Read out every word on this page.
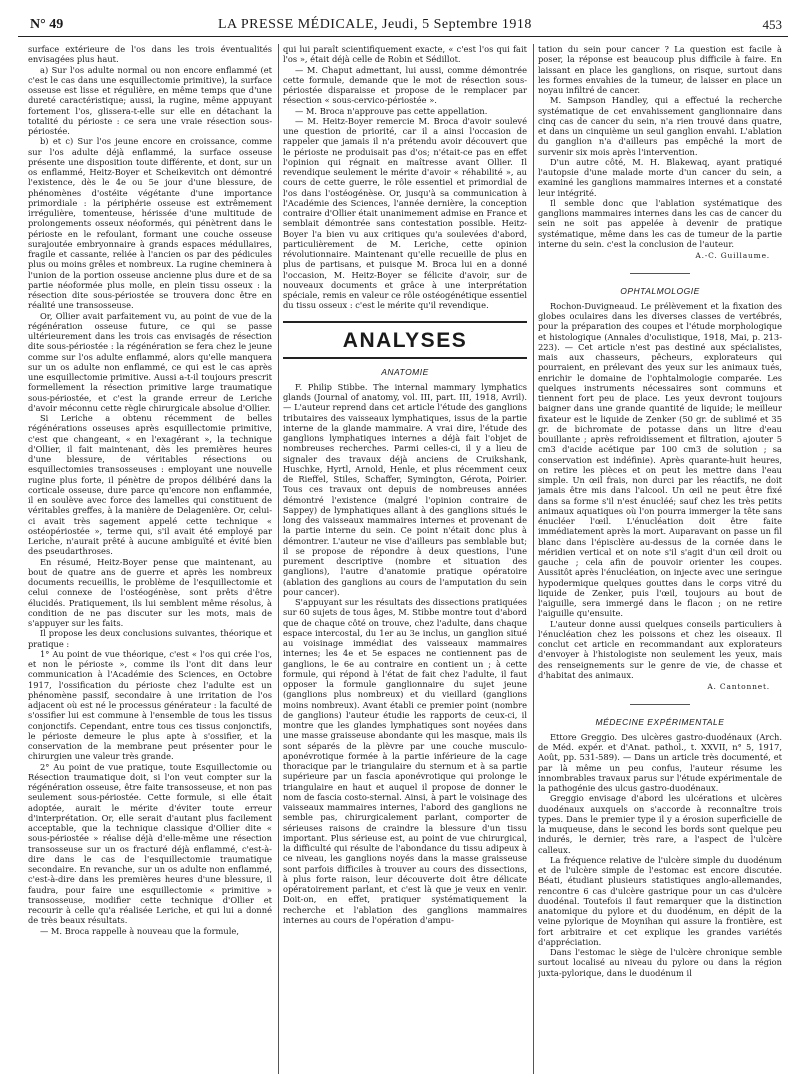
N° 49	LA PRESSE MÉDICALE, Jeudi, 5 Septembre 1918	453

surface extérieure de l'os dans les trois éventualités envisagées plus haut.

a) Sur l'os adulte normal ou non encore enflammé (et c'est le cas dans une esquillectomie primitive), la surface osseuse est lisse et régulière, en même temps que d'une dureté caractéristique; aussi, la rugine, même appuyant fortement l'os, glissera-t-elle sur elle en détachant la totalité du périoste : ce sera une vraie résection sous-périostée.

b) et c) Sur l'os jeune encore en croissance, comme sur l'os adulte déjà enflammé, la surface osseuse présente une disposition toute différente, et dont, sur un os enflammé, Heitz-Boyer et Scheikevitch ont démontré l'existence, dès le 4e ou 5e jour d'une blessure, de phénomènes d'ostéite végétante d'une importance primordiale : la périphérie osseuse est extrêmement irrégulière, tomenteuse, hérissée d'une multitude de prolongements osseux néoformés, qui pénètrent dans le périoste en le refoulant, formant une couche osseuse surajoutée embryonnaire à grands espaces médullaires, fragile et cassante, reliée à l'ancien os par des pédicules plus ou moins grêles et nombreux. La rugine cheminera à l'union de la portion osseuse ancienne plus dure et de sa partie néoformée plus molle, en plein tissu osseux : la résection dite sous-périostée se trouvera donc être en réalité une transosseuse.

Or, Ollier avait parfaitement vu, au point de vue de la régénération osseuse future, ce qui se passe ultérieurement dans les trois cas envisagés de résection dite sous-périostée : la régénération se fera chez le jeune comme sur l'os adulte enflammé, alors qu'elle manquera sur un os adulte non enflammé, ce qui est le cas après une esquillectomie primitive. Aussi a-t-il toujours prescrit formellement la résection primitive large traumatique sous-périostée, et c'est la grande erreur de Leriche d'avoir méconnu cette règle chirurgicale absolue d'Ollier.

Si Leriche a obtenu récemment de belles régénérations osseuses après esquillectomie primitive, c'est que changeant, « en l'exagérant », la technique d'Ollier, il fait maintenant, dès les premières heures d'une blessure, de véritables résections ou esquillectomies transosseuses : employant une nouvelle rugine plus forte, il pénètre de propos délibéré dans la corticale osseuse, dure parce qu'encore non enflammée, il en soulève avec force des lamelles qui constituent de véritables greffes, à la manière de Delagenière. Or, celui-ci avait très sagement appelé cette technique « ostéopériostée », terme qui, s'il avait été employé par Leriche, n'aurait prêté à aucune ambiguïté et évité bien des pseudarthroses.

En résumé, Heitz-Boyer pense que maintenant, au bout de quatre ans de guerre et après les nombreux documents recueillis, le problème de l'esquillectomie et celui connexe de l'ostéogénèse, sont prêts d'être élucidés. Pratiquement, ils lui semblent même résolus, à condition de ne pas discuter sur les mots, mais de s'appuyer sur les faits.

Il propose les deux conclusions suivantes, théorique et pratique :

1° Au point de vue théorique, c'est « l'os qui crée l'os, et non le périoste », comme ils l'ont dit dans leur communication à l'Académie des Sciences, en Octobre 1917, l'ossification du périoste chez l'adulte est un phénomène passif, secondaire à une irritation de l'os adjacent où est né le processus générateur : la faculté de s'ossifier lui est commune à l'ensemble de tous les tissus conjonctifs. Cependant, entre tous ces tissus conjonctifs, le périoste demeure le plus apte à s'ossifier, et la conservation de la membrane peut présenter pour le chirurgien une valeur très grande.

2° Au point de vue pratique, toute Esquillectomie ou Résection traumatique doit, si l'on veut compter sur la régénération osseuse, être faite transosseuse, et non pas seulement sous-périostée. Cette formule, si elle était adoptée, aurait le mérite d'éviter toute erreur d'interprétation. Or, elle serait d'autant plus facilement acceptable, que la technique classique d'Ollier dite « sous-périostée » réalise déjà d'elle-même une résection transosseuse sur un os fracturé déjà enflammé, c'est-à-dire dans le cas de l'esquillectomie traumatique secondaire. En revanche, sur un os adulte non enflammé, c'est-à-dire dans les premières heures d'une blessure, il faudra, pour faire une esquillectomie « primitive » transosseuse, modifier cette technique d'Ollier et recourir à celle qu'a réalisée Leriche, et qui lui a donné de très beaux résultats.

— M. Broca rappelle à nouveau que la formule,

qui lui paraît scientifiquement exacte, « c'est l'os qui fait l'os », était déjà celle de Robin et Sédillot.

— M. Chaput admettant, lui aussi, comme démontrée cette formule, demande que le mot de résection sous-périostée disparaisse et propose de le remplacer par résection « sous-cervico-périostée ».

— M. Broca n'approuve pas cette appellation.

— M. Heitz-Boyer remercie M. Broca d'avoir soulevé une question de priorité, car il a ainsi l'occasion de rappeler que jamais il n'a prétendu avoir découvert que le périoste ne produisait pas d'os; n'était-ce pas en effet l'opinion qui régnait en maîtresse avant Ollier. Il revendique seulement le mérite d'avoir « réhabilité », au cours de cette guerre, le rôle essentiel et primordial de l'os dans l'ostéogénèse. Or, jusqu'à sa communication à l'Académie des Sciences, l'année dernière, la conception contraire d'Ollier était unanimement admise en France et semblait démontrée sans contestation possible. Heitz-Boyer l'a bien vu aux critiques qu'a soulevées d'abord, particulièrement de M. Leriche, cette opinion révolutionnaire. Maintenant qu'elle recueille de plus en plus de partisans, et puisque M. Broca lui en a donné l'occasion, M. Heitz-Boyer se félicite d'avoir, sur de nouveaux documents et grâce à une interprétation spéciale, remis en valeur ce rôle ostéogénétique essentiel du tissu osseux : c'est le mérite qu'il revendique.

ANALYSES
ANATOMIE

F. Philip Stibbe. The internal mammary lymphatics glands (Journal of anatomy, vol. III, part. III, 1918, Avril). — L'auteur reprend dans cet article l'étude des ganglions tributaires des vaisseaux lymphatiques, issus de la partie interne de la glande mammaire. A vrai dire, l'étude des ganglions lymphatiques internes a déjà fait l'objet de nombreuses recherches. Parmi celles-ci, il y a lieu de signaler des travaux déjà anciens de Cruikshank, Huschke, Hyrtl, Arnold, Henle, et plus récemment ceux de Rieffel, Stiles, Schaffer, Symington, Gérota, Poirier. Tous ces travaux ont depuis de nombreuses années démontré l'existence (malgré l'opinion contraire de Sappey) de lymphatiques allant à des ganglions situés le long des vaisseaux mammaires internes et provenant de la partie interne du sein. Ce point n'était donc plus à démontrer. L'auteur ne vise d'ailleurs pas semblable but; il se propose de répondre à deux questions, l'une purement descriptive (nombre et situation des ganglions), l'autre d'anatomie pratique opératoire (ablation des ganglions au cours de l'amputation du sein pour cancer).

S'appuyant sur les résultats des dissections pratiquées sur 60 sujets de tous âges, M. Stibbe montre tout d'abord que de chaque côté on trouve, chez l'adulte, dans chaque espace intercostal, du 1er au 3e inclus, un ganglion situé au voisinage immédiat des vaisseaux mammaires internes; les 4e et 5e espaces ne contiennent pas de ganglions, le 6e au contraire en contient un ; à cette formule, qui répond à l'état de fait chez l'adulte, il faut opposer la formule ganglionnaire du sujet jeune (ganglions plus nombreux) et du vieillard (ganglions moins nombreux). Avant établi ce premier point (nombre de ganglions) l'auteur étudie les rapports de ceux-ci, il montre que les glandes lymphatiques sont noyées dans une masse graisseuse abondante qui les masque, mais ils sont séparés de la plèvre par une couche musculo-aponévrotique formée à la partie inférieure de la cage thoracique par le triangulaire du sternum et à sa partie supérieure par un fascia aponévrotique qui prolonge le triangulaire en haut et auquel il propose de donner le nom de fascia costo-sternal. Ainsi, à part le voisinage des vaisseaux mammaires internes, l'abord des ganglions ne semble pas, chirurgicalement parlant, comporter de sérieuses raisons de craindre la blessure d'un tissu important. Plus sérieuse est, au point de vue chirurgical, la difficulté qui résulte de l'abondance du tissu adipeux à ce niveau, les ganglions noyés dans la masse graisseuse sont parfois difficiles à trouver au cours des dissections, à plus forte raison, leur découverte doit être délicate opératoirement parlant, et c'est là que je veux en venir. Doit-on, en effet, pratiquer systématiquement la recherche et l'ablation des ganglions mammaires internes au cours de l'opération d'ampu-

tation du sein pour cancer ? La question est facile à poser, la réponse est beaucoup plus difficile à faire. En laissant en place les ganglions, on risque, surtout dans les formes envahies de la tumeur, de laisser en place un noyau infiltré de cancer.

M. Sampson Handley, qui a effectué la recherche systématique de cet envahissement ganglionnaire dans cinq cas de cancer du sein, n'a rien trouvé dans quatre, et dans un cinquième un seul ganglion envahi. L'ablation du ganglion n'a d'ailleurs pas empêché la mort de survenir six mois après l'intervention.

D'un autre côté, M. H. Blakewaq, ayant pratiqué l'autopsie d'une malade morte d'un cancer du sein, a examiné les ganglions mammaires internes et a constaté leur intégrité.

Il semble donc que l'ablation systématique des ganglions mammaires internes dans les cas de cancer du sein ne soit pas appelée à devenir de pratique systématique, même dans les cas de tumeur de la partie interne du sein. c'est la conclusion de l'auteur.

A.-C. Guillaume.
OPHTALMOLOGIE

Rochon-Duvigneaud. Le prélèvement et la fixation des globes oculaires dans les diverses classes de vertébrés, pour la préparation des coupes et l'étude morphologique et histologique (Annales d'oculistique, 1918, Mai, p. 213-223). — Cet article n'est pas destiné aux spécialistes, mais aux chasseurs, pêcheurs, explorateurs qui pourraient, en prélevant des yeux sur les animaux tués, enrichir le domaine de l'ophtalmologie comparée. Les quelques instruments nécessaires sont communs et tiennent fort peu de place. Les yeux devront toujours baigner dans une grande quantité de liquide; le meilleur fixateur est le liquide de Zenker (50 gr. de sublimé et 35 gr. de bichromate de potasse dans un litre d'eau bouillante ; après refroidissement et filtration, ajouter 5 cm3 d'acide acétique par 100 cm3 de solution ; sa conservation est indéfinie). Après quarante-huit heures, on retire les pièces et on peut les mettre dans l'eau simple. Un œil frais, non durci par les réactifs, ne doit jamais être mis dans l'alcool. Un œil ne peut être fixé dans sa forme s'il n'est énucléé; sauf chez les très petits animaux aquatiques où l'on pourra immerger la tête sans énucléer l'œil. L'énucléation doit être faite immédiatement après la mort. Auparavant on passe un fil blanc dans l'épisclère au-dessus de la cornée dans le méridien vertical et on note s'il s'agit d'un œil droit ou gauche ; cela afin de pouvoir orienter les coupes. Aussitôt après l'énucléation, on injecte avec une seringue hypodermique quelques gouttes dans le corps vitré du liquide de Zenker, puis l'œil, toujours au bout de l'aiguille, sera immergé dans le flacon ; on ne retire l'aiguille qu'ensuite.

L'auteur donne aussi quelques conseils particuliers à l'énucléation chez les poissons et chez les oiseaux. Il conclut cet article en recommandant aux explorateurs d'envoyer à l'histologiste non seulement les yeux, mais des renseignements sur le genre de vie, de chasse et d'habitat des animaux.

A. Cantonnet.
MÉDECINE EXPÉRIMENTALE

Ettore Greggio. Des ulcères gastro-duodénaux (Arch. de Méd. expér. et d'Anat. pathol., t. XXVII, n° 5, 1917, Août, pp. 531-589). — Dans un article très documenté, et par là même un peu confus, l'auteur résume les innombrables travaux parus sur l'étude expérimentale de la pathogénie des ulcus gastro-duodénaux.

Greggio envisage d'abord les ulcérations et ulcères duodénaux auxquels on s'accorde à reconnaître trois types. Dans le premier type il y a érosion superficielle de la muqueuse, dans le second les bords sont quelque peu indurés, le dernier, très rare, a l'aspect de l'ulcère calleux.

La fréquence relative de l'ulcère simple du duodénum et de l'ulcère simple de l'estomac est encore discutée. Béati, étudiant plusieurs statistiques anglo-allemandes, rencontre 6 cas d'ulcère gastrique pour un cas d'ulcère duodénal. Toutefois il faut remarquer que la distinction anatomique du pylore et du duodénum, en dépit de la veine pylorique de Moynihan qui assure la frontière, est fort arbitraire et cet explique les grandes variétés d'appréciation.

Dans l'estomac le siège de l'ulcère chronique semble surtout localisé au niveau du pylore ou dans la région juxta-pylorique, dans le duodénum il
